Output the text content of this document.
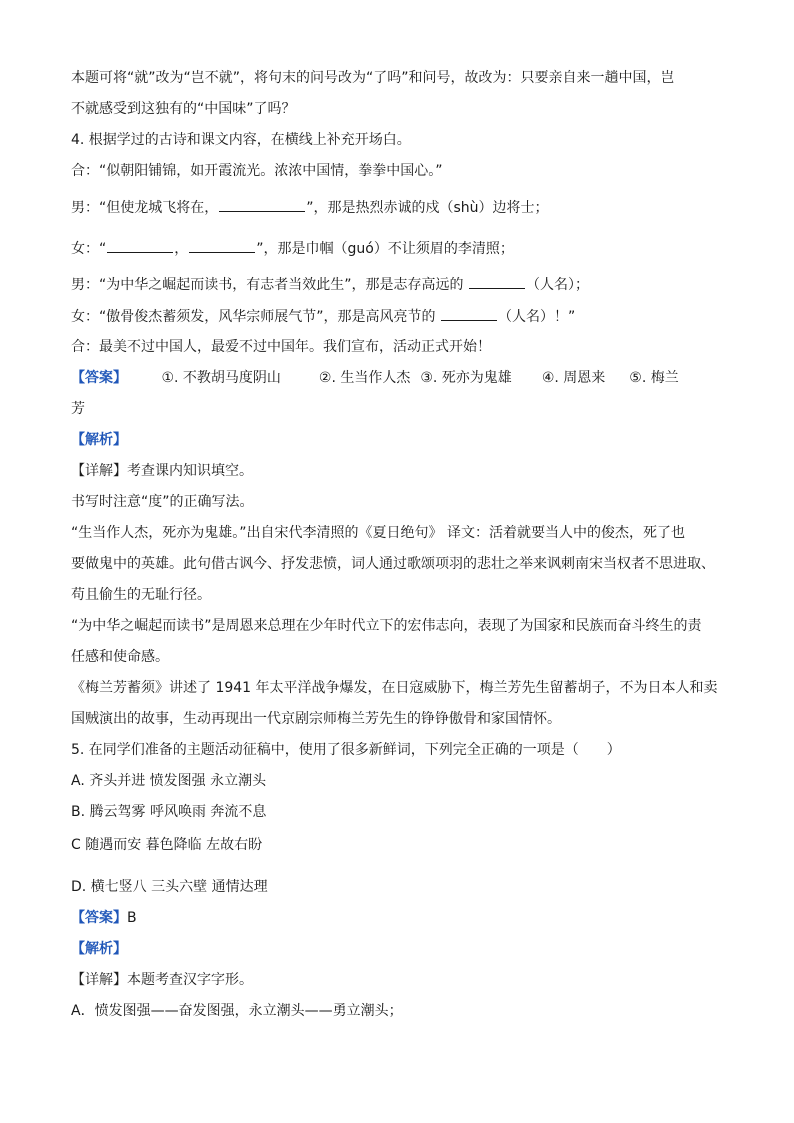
本题可将“就”改为“岂不就”，将句末的问号改为“了吗”和问号，故改为：只要亲自来一趟中国，岂
不就感受到这独有的“中国味”了吗？
4. 根据学过的古诗和课文内容，在横线上补充开场白。
合：“似朝阳铺锦，如开霞流光。浓浓中国情，拳拳中国心。”
男：“但使龙城飞将在，	”，那是热烈赤诚的戍（shù）边将士；
女：“	，	”，那是巾帼（guó）不让须眉的李清照；
男：“为中华之崛起而读书，有志者当效此生”，那是志存高远的	（人名）；
女：“傲骨俊杰蓄须发，风华宗师展气节”，那是高风亮节的	（人名）！”
合：最美不过中国人，最爱不过中国年。我们宣布，活动正式开始！
【答案】 ①. 不教胡马度阴山	②. 生当作人杰 ③. 死亦为鬼雄 ④. 周恩来 ⑤. 梅兰
芳
【解析】
【详解】考查课内知识填空。
书写时注意“度”的正确写法。
“生当作人杰，死亦为鬼雄。”出自宋代李清照的《夏日绝句》 译文：活着就要当人中的俊杰，死了也
要做鬼中的英雄。此句借古讽今、抒发悲愤，词人通过歌颂项羽的悲壮之举来讽刺南宋当权者不思进取、
苟且偷生的无耻行径。
“为中华之崛起而读书”是周恩来总理在少年时代立下的宏伟志向，表现了为国家和民族而奋斗终生的责
任感和使命感。
《梅兰芳蓄须》讲述了 1941 年太平洋战争爆发，在日寇威胁下，梅兰芳先生留蓄胡子，不为日本人和卖
国贼演出的故事，生动再现出一代京剧宗师梅兰芳先生的铮铮傲骨和家国情怀。
5. 在同学们准备的主题活动征稿中，使用了很多新鲜词，下列完全正确的一项是（　　）
A. 齐头并进 愤发图强 永立潮头
B. 腾云驾雾 呼风唤雨 奔流不息
C 随遇而安 暮色降临 左故右盼
D. 横七竖八 三头六壁 通情达理
【答案】B
【解析】
【详解】本题考查汉字字形。
A．愤发图强——奋发图强，永立潮头——勇立潮头；
